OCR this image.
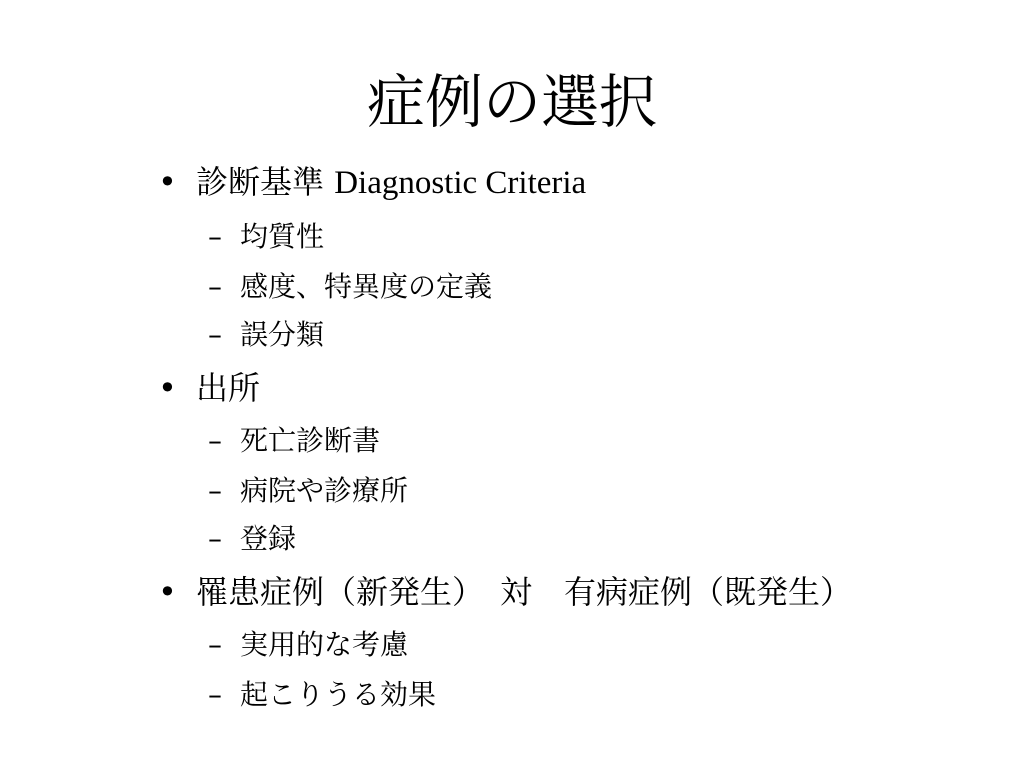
症例の選択
• 診断基準 Diagnostic Criteria
– 均質性
– 感度、特異度の定義
– 誤分類
• 出所
– 死亡診断書
– 病院や診療所
– 登録
• 罹患症例（新発生）　対　有病症例（既発生）
– 実用的な考慮
– 起こりうる効果
